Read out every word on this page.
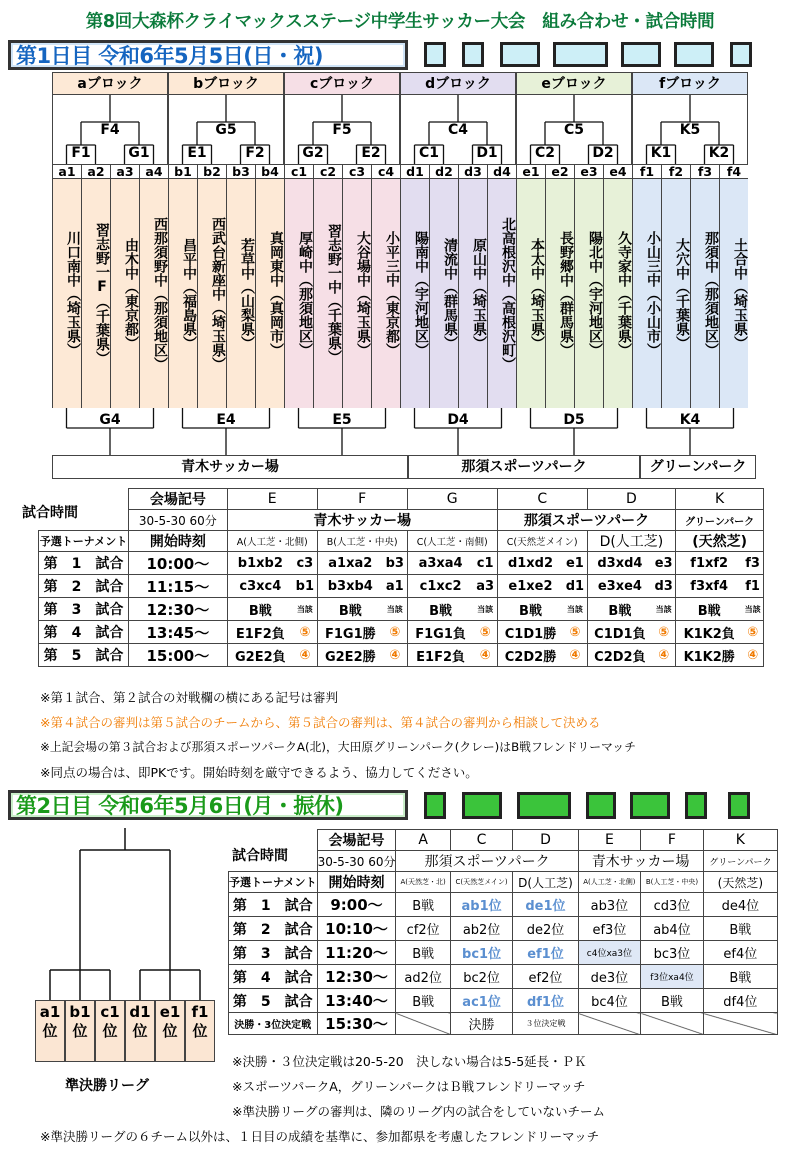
第8回大森杯クライマックスステージ中学生サッカー大会　組み合わせ・試合時間
第1日目 令和6年5月5日(日・祝)
aブロック
川口南中（埼玉県）
a1
習志野一F（千葉県）
a2
由木中（東京都）
a3
西那須野中（那須地区）
a4
F4
F1	G1
G4
bブロック
昌平中（福島県）
b1
西武台新座中（埼玉県）
b2
若草中（山梨県）
b3
真岡東中（真岡市）
b4
G5
E1	F2
E4
cブロック
厚崎中（那須地区）
c1
習志野一中（千葉県）
c2
大谷場中（埼玉県）
c3
小平三中（東京都）
c4
F5
G2	E2
E5
dブロック
陽南中（宇河地区）
d1
清流中（群馬県）
d2
原山中（埼玉県）
d3
北高根沢中（高根沢町）
d4
C4
C1	D1
D4
eブロック
本太中（埼玉県）
e1
長野郷中（群馬県）
e2
陽北中（宇河地区）
e3
久寺家中（千葉県）
e4
C5
C2	D2
D5
fブロック
小山三中（小山市）
f1
大穴中（千葉県）
f2
那須中（那須地区）
f3
土合中（埼玉県）
f4
K5
K1	K2
K4
青木サッカー場	那須スポーツパーク	グリーンパーク
試合時間
	会場記号	E		F		G		C		D		K	
	30-5-30 60分	青木サッカー場						那須スポーツパーク				グリーンパーク	
予選トーナメント	開始時刻	A(人工芝・北側)		B(人工芝・中央)		C(人工芝・南側)		C(天然芝メイン)		D(人工芝)		(天然芝)	
第　1　試合	10:00〜	b1xb2	c3	a1xa2	b3	a3xa4	c1	d1xd2	e1	d3xd4	e3	f1xf2	f3
第　2　試合	11:15〜	c3xc4	b1	b3xb4	a1	c1xc2	a3	e1xe2	d1	e3xe4	d3	f3xf4	f1
第　3　試合	12:30〜	B戦	当該	B戦	当該	B戦	当該	B戦	当該	B戦	当該	B戦	当該
第　4　試合	13:45〜	E1F2負	⑤	F1G1勝	⑤	F1G1負	⑤	C1D1勝	⑤	C1D1負	⑤	K1K2負	⑤
第　5　試合	15:00〜	G2E2負	④	G2E2勝	④	E1F2負	④	C2D2勝	④	C2D2負	④	K1K2勝	④
※第１試合、第２試合の対戦欄の横にある記号は審判
※第４試合の審判は第５試合のチームから、第５試合の審判は、第４試合の審判から相談して決める
※上記会場の第３試合および那須スポーツパークA(北)，大田原グリーンパーク(クレー)はB戦フレンドリーマッチ
※同点の場合は、即PKです。開始時刻を厳守できるよう、協力してください。
第2日目 令和6年5月6日(月・振休)
a1位
b1位
c1位
d1位
e1位
f1位
準決勝リーグ
試合時間
	会場記号	A	C	D	E	F	K
	30-5-30 60分	那須スポーツパーク			青木サッカー場		グリーンパーク
予選トーナメント	開始時刻	A(天然芝・北)	C(天然芝メイン)	D(人工芝)	A(人工芝・北側)	B(人工芝・中央)	(天然芝)
第　1　試合	9:00〜	B戦	ab1位	de1位	ab3位	cd3位	de4位
第　2　試合	10:10〜	cf2位	ab2位	de2位	ef3位	ab4位	B戦
第　3　試合	11:20〜	B戦	bc1位	ef1位	c4位xa3位	bc3位	ef4位
第　4　試合	12:30〜	ad2位	bc2位	ef2位	de3位	f3位xa4位	B戦
第　5　試合	13:40〜	B戦	ac1位	df1位	bc4位	B戦	df4位
決勝・3位決定戦	15:30〜		決勝	３位決定戦			
※決勝・３位決定戦は20-5-20　決しない場合は5-5延長・ＰＫ
※スポーツパークA，グリーンパークはＢ戦フレンドリーマッチ
※準決勝リーグの審判は、隣のリーグ内の試合をしていないチーム
※準決勝リーグの６チーム以外は、１日目の成績を基準に、参加都県を考慮したフレンドリーマッチ
